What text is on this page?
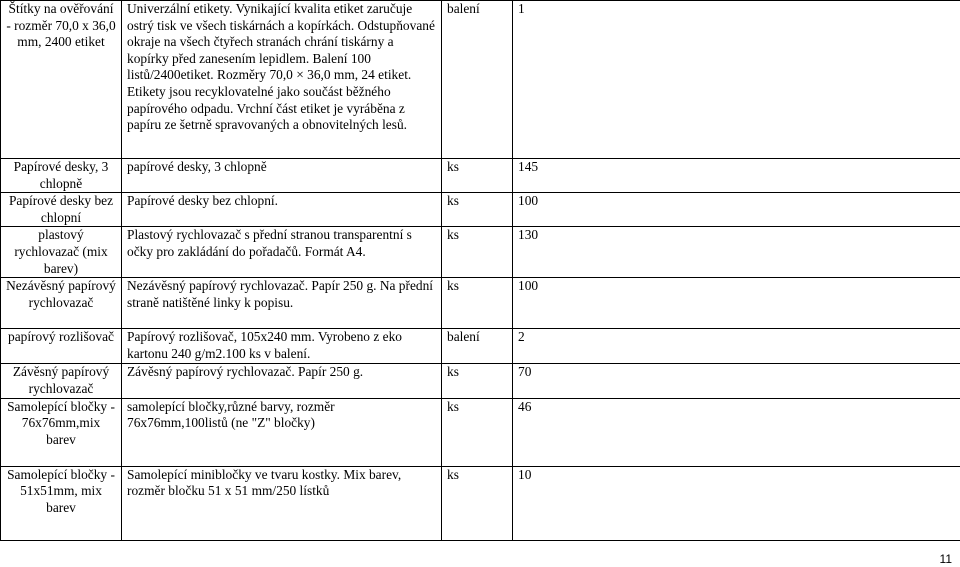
Štítky na ověřování - rozměr 70,0 x 36,0 mm, 2400 etiket	Univerzální etikety. Vynikající kvalita etiket zaručuje ostrý tisk ve všech tiskárnách a kopírkách. Odstupňované okraje na všech čtyřech stranách chrání tiskárny a kopírky před zanesením lepidlem. Balení 100 listů/2400etiket. Rozměry 70,0 × 36,0 mm, 24 etiket. Etikety jsou recyklovatelné jako součást běžného papírového odpadu. Vrchní část etiket je vyráběna z papíru ze šetrně spravovaných a obnovitelných lesů.	balení	1
Papírové desky, 3 chlopně	papírové desky, 3 chlopně	ks	145
Papírové desky bez chlopní	Papírové desky bez chlopní.	ks	100
plastový rychlovazač (mix barev)	Plastový rychlovazač s přední stranou transparentní s očky pro zakládání do pořadačů. Formát A4.	ks	130
Nezávěsný papírový rychlovazač	Nezávěsný papírový rychlovazač. Papír 250 g. Na přední straně natištěné linky k popisu.	ks	100
papírový rozlišovač	Papírový rozlišovač, 105x240 mm. Vyrobeno z eko kartonu 240 g/m2.100 ks v balení.	balení	2
Závěsný papírový rychlovazač	Závěsný papírový rychlovazač. Papír 250 g.	ks	70
Samolepící bločky - 76x76mm,mix barev	samolepící bločky,různé barvy, rozměr 76x76mm,100listů (ne "Z" bločky)	ks	46
Samolepící bločky - 51x51mm, mix barev	Samolepící minibločky ve tvaru kostky. Mix barev, rozměr bločku 51 x 51 mm/250 lístků	ks	10
11
